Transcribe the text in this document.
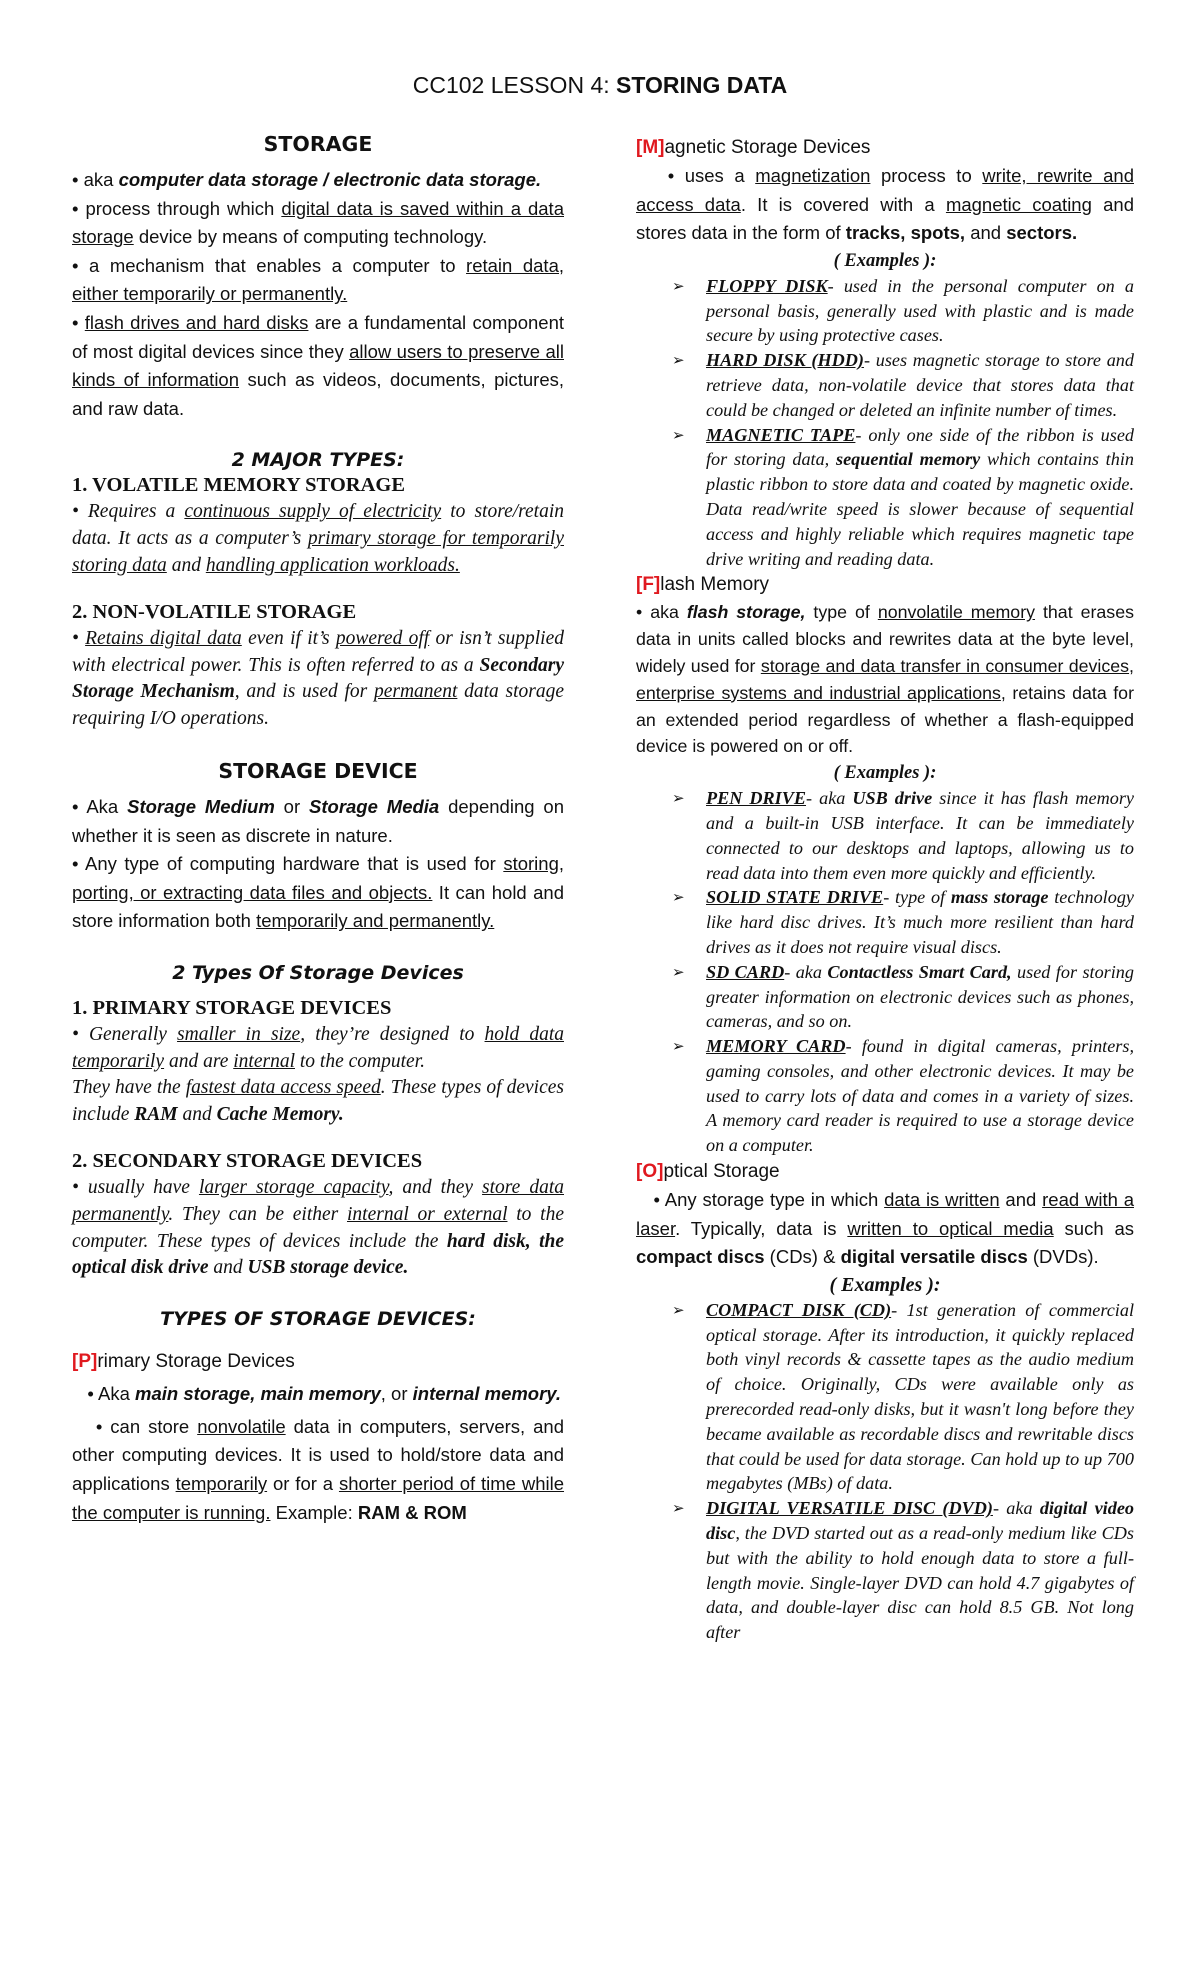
CC102 LESSON 4: STORING DATA

STORAGE

• aka computer data storage / electronic data storage.

• process through which digital data is saved within a data storage device by means of computing technology.

• a mechanism that enables a computer to retain data, either temporarily or permanently.

• flash drives and hard disks are a fundamental component of most digital devices since they allow users to preserve all kinds of information such as videos, documents, pictures, and raw data.

2 MAJOR TYPES:

1. VOLATILE MEMORY STORAGE

• Requires a continuous supply of electricity to store/retain data. It acts as a computer’s primary storage for temporarily storing data and handling application workloads.

2. NON-VOLATILE STORAGE

• Retains digital data even if it’s powered off or isn’t supplied with electrical power. This is often referred to as a Secondary Storage Mechanism, and is used for permanent data storage requiring I/O operations.

STORAGE DEVICE

• Aka Storage Medium or Storage Media depending on whether it is seen as discrete in nature.

• Any type of computing hardware that is used for storing, porting, or extracting data files and objects. It can hold and store information both temporarily and permanently.

2 Types Of Storage Devices

1. PRIMARY STORAGE DEVICES

• Generally smaller in size, they’re designed to hold data temporarily and are internal to the computer.

They have the fastest data access speed. These types of devices include RAM and Cache Memory.

2. SECONDARY STORAGE DEVICES

• usually have larger storage capacity, and they store data permanently. They can be either internal or external to the computer. These types of devices include the hard disk, the optical disk drive and USB storage device.

TYPES OF STORAGE DEVICES:

[P]rimary Storage Devices

• Aka main storage, main memory, or internal memory.

• can store nonvolatile data in computers, servers, and other computing devices. It is used to hold/store data and applications temporarily or for a shorter period of time while the computer is running. Example: RAM & ROM

[M]agnetic Storage Devices

• uses a magnetization process to write, rewrite and access data. It is covered with a magnetic coating and stores data in the form of tracks, spots, and sectors.

( Examples ):

➢ FLOPPY DISK- used in the personal computer on a personal basis, generally used with plastic and is made secure by using protective cases.
➢ HARD DISK (HDD)- uses magnetic storage to store and retrieve data, non-volatile device that stores data that could be changed or deleted an infinite number of times.
➢ MAGNETIC TAPE- only one side of the ribbon is used for storing data, sequential memory which contains thin plastic ribbon to store data and coated by magnetic oxide. Data read/write speed is slower because of sequential access and highly reliable which requires magnetic tape drive writing and reading data.

[F]lash Memory

• aka flash storage, type of nonvolatile memory that erases data in units called blocks and rewrites data at the byte level, widely used for storage and data transfer in consumer devices, enterprise systems and industrial applications, retains data for an extended period regardless of whether a flash-equipped device is powered on or off.

( Examples ):

➢ PEN DRIVE- aka USB drive since it has flash memory and a built-in USB interface. It can be immediately connected to our desktops and laptops, allowing us to read data into them even more quickly and efficiently.
➢ SOLID STATE DRIVE- type of mass storage technology like hard disc drives. It’s much more resilient than hard drives as it does not require visual discs.
➢ SD CARD- aka Contactless Smart Card, used for storing greater information on electronic devices such as phones, cameras, and so on.
➢ MEMORY CARD- found in digital cameras, printers, gaming consoles, and other electronic devices. It may be used to carry lots of data and comes in a variety of sizes. A memory card reader is required to use a storage device on a computer.

[O]ptical Storage

• Any storage type in which data is written and read with a laser. Typically, data is written to optical media such as compact discs (CDs) & digital versatile discs (DVDs).

( Examples ):

➢ COMPACT DISK (CD)- 1st generation of commercial optical storage. After its introduction, it quickly replaced both vinyl records & cassette tapes as the audio medium of choice. Originally, CDs were available only as prerecorded read-only disks, but it wasn't long before they became available as recordable discs and rewritable discs that could be used for data storage. Can hold up to up 700 megabytes (MBs) of data.
➢ DIGITAL VERSATILE DISC (DVD)- aka digital video disc, the DVD started out as a read-only medium like CDs but with the ability to hold enough data to store a full-length movie. Single-layer DVD can hold 4.7 gigabytes of data, and double-layer disc can hold 8.5 GB. Not long after
